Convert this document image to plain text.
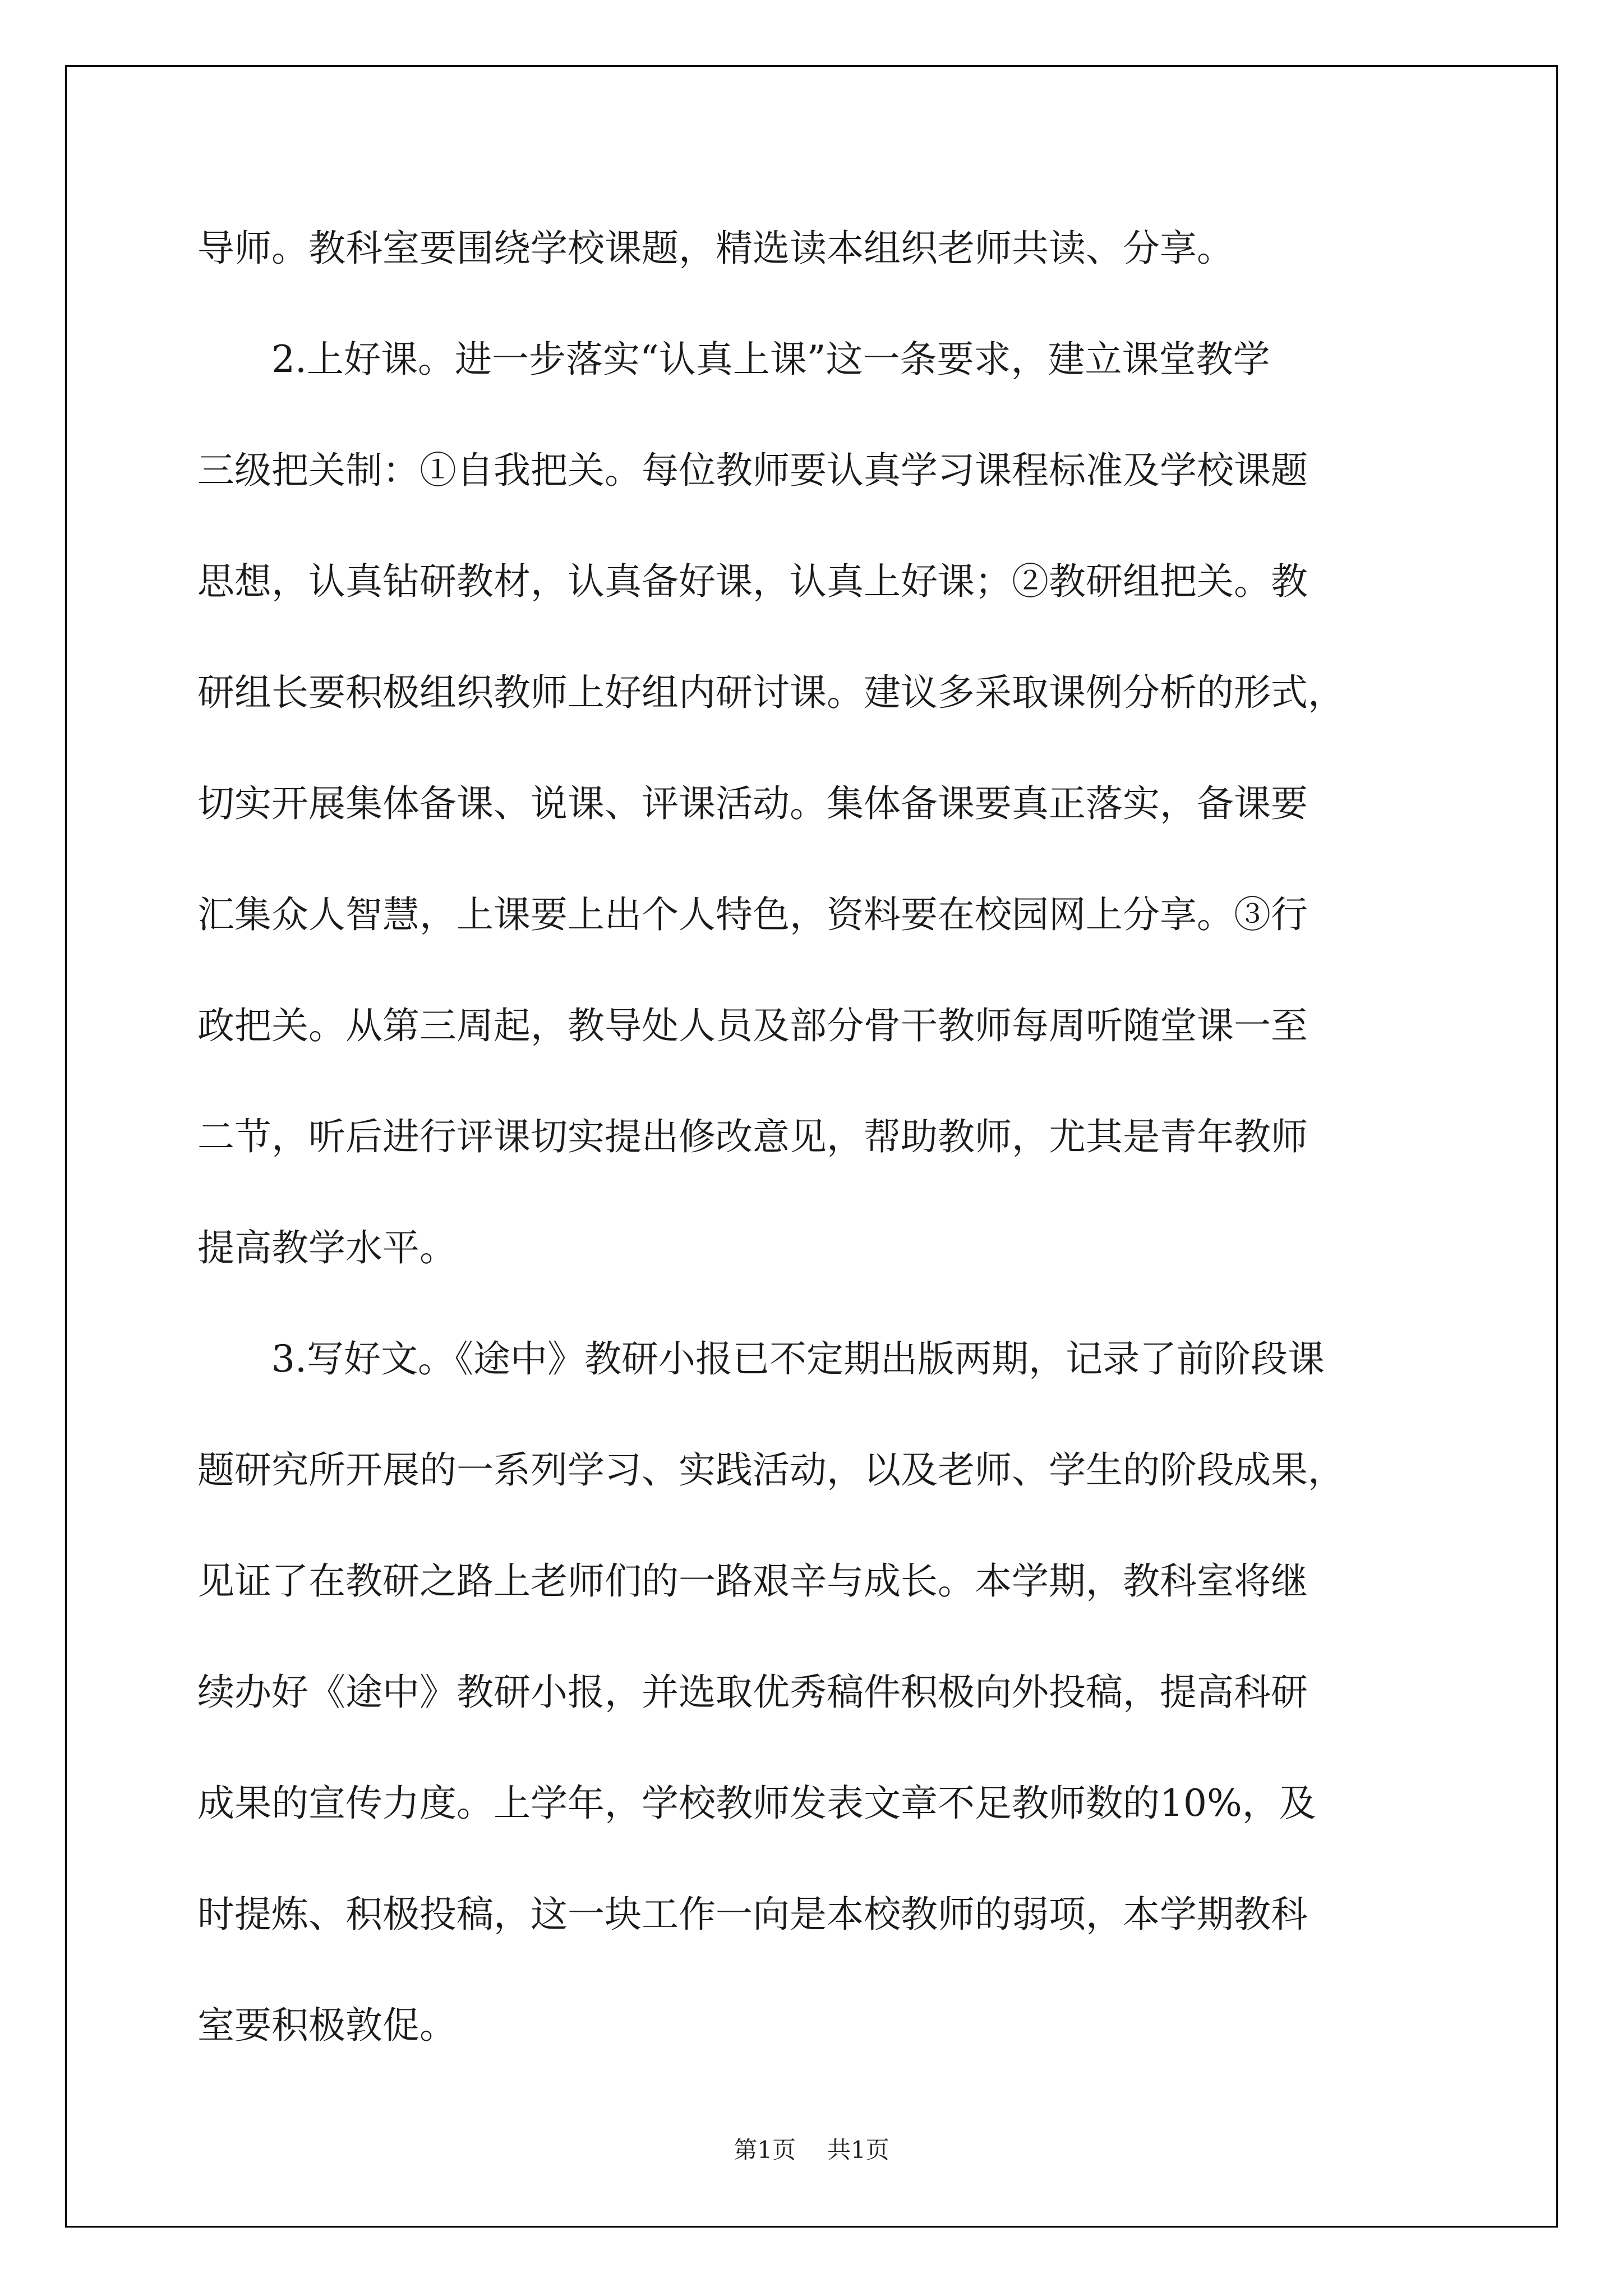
导师。教科室要围绕学校课题，精选读本组织老师共读、分享。
2.上好课。进一步落实“认真上课”这一条要求，建立课堂教学
三级把关制：①自我把关。每位教师要认真学习课程标准及学校课题
思想，认真钻研教材，认真备好课，认真上好课；②教研组把关。教
研组长要积极组织教师上好组内研讨课。建议多采取课例分析的形式，
切实开展集体备课、说课、评课活动。集体备课要真正落实，备课要
汇集众人智慧，上课要上出个人特色，资料要在校园网上分享。③行
政把关。从第三周起，教导处人员及部分骨干教师每周听随堂课一至
二节，听后进行评课切实提出修改意见，帮助教师，尤其是青年教师
提高教学水平。
3.写好文。《途中》教研小报已不定期出版两期，记录了前阶段课
题研究所开展的一系列学习、实践活动，以及老师、学生的阶段成果，
见证了在教研之路上老师们的一路艰辛与成长。本学期，教科室将继
续办好《途中》教研小报，并选取优秀稿件积极向外投稿，提高科研
成果的宣传力度。上学年，学校教师发表文章不足教师数的10%，及
时提炼、积极投稿，这一块工作一向是本校教师的弱项，本学期教科
室要积极敦促。
第1页 共1页
